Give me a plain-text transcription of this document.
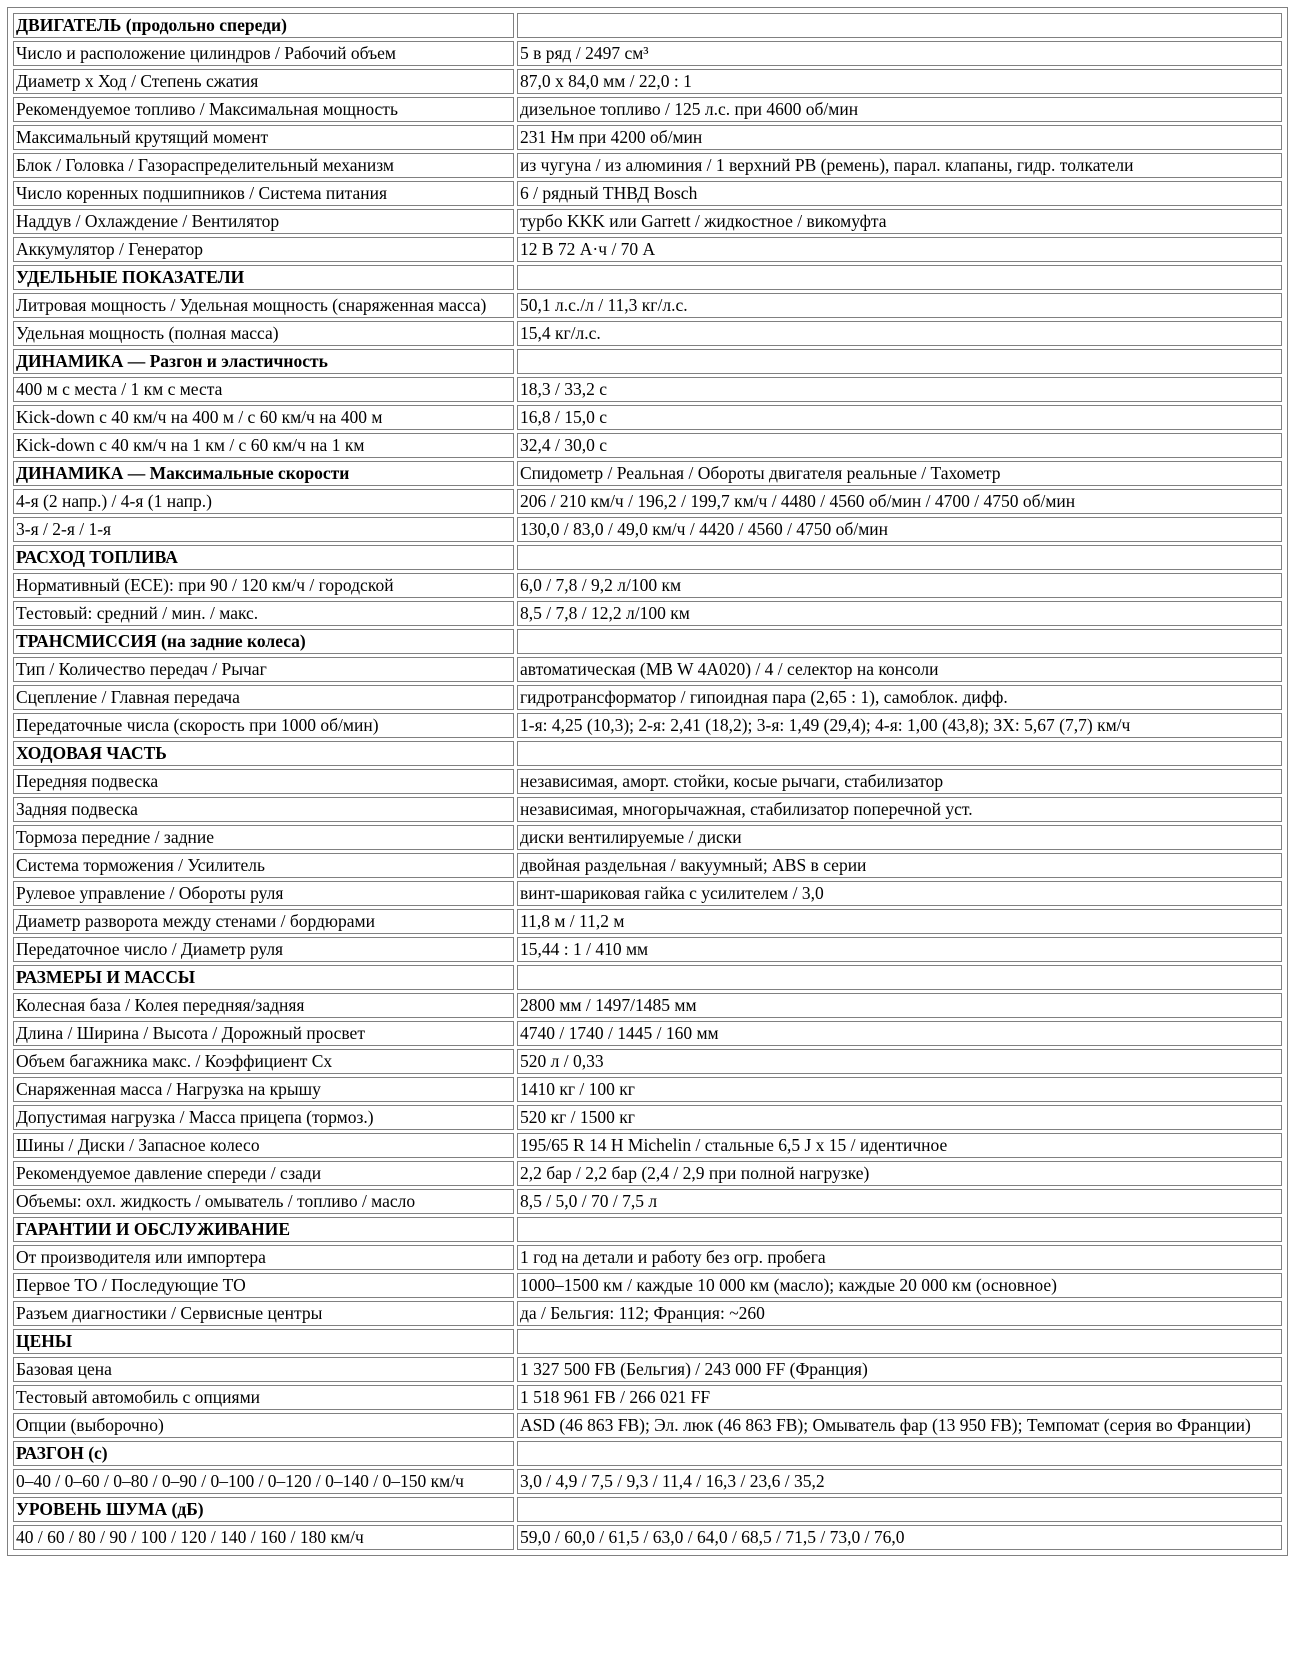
ДВИГАТЕЛЬ (продольно спереди)	
Число и расположение цилиндров / Рабочий объем	5 в ряд / 2497 см³
Диаметр х Ход / Степень сжатия	87,0 х 84,0 мм / 22,0 : 1
Рекомендуемое топливо / Максимальная мощность	дизельное топливо / 125 л.с. при 4600 об/мин
Максимальный крутящий момент	231 Нм при 4200 об/мин
Блок / Головка / Газораспределительный механизм	из чугуна / из алюминия / 1 верхний РВ (ремень), парал. клапаны, гидр. толкатели
Число коренных подшипников / Система питания	6 / рядный ТНВД Bosch
Наддув / Охлаждение / Вентилятор	турбо KKK или Garrett / жидкостное / викомуфта
Аккумулятор / Генератор	12 В 72 А·ч / 70 А
УДЕЛЬНЫЕ ПОКАЗАТЕЛИ	
Литровая мощность / Удельная мощность (снаряженная масса)	50,1 л.с./л / 11,3 кг/л.с.
Удельная мощность (полная масса)	15,4 кг/л.с.
ДИНАМИКА — Разгон и эластичность	
400 м с места / 1 км с места	18,3 / 33,2 с
Kick-down с 40 км/ч на 400 м / с 60 км/ч на 400 м	16,8 / 15,0 с
Kick-down с 40 км/ч на 1 км / с 60 км/ч на 1 км	32,4 / 30,0 с
ДИНАМИКА — Максимальные скорости	Спидометр / Реальная / Обороты двигателя реальные / Тахометр
4-я (2 напр.) / 4-я (1 напр.)	206 / 210 км/ч / 196,2 / 199,7 км/ч / 4480 / 4560 об/мин / 4700 / 4750 об/мин
3-я / 2-я / 1-я	130,0 / 83,0 / 49,0 км/ч / 4420 / 4560 / 4750 об/мин
РАСХОД ТОПЛИВА	
Нормативный (ECE): при 90 / 120 км/ч / городской	6,0 / 7,8 / 9,2 л/100 км
Тестовый: средний / мин. / макс.	8,5 / 7,8 / 12,2 л/100 км
ТРАНСМИССИЯ (на задние колеса)	
Тип / Количество передач / Рычаг	автоматическая (MB W 4A020) / 4 / селектор на консоли
Сцепление / Главная передача	гидротрансформатор / гипоидная пара (2,65 : 1), самоблок. дифф.
Передаточные числа (скорость при 1000 об/мин)	1-я: 4,25 (10,3); 2-я: 2,41 (18,2); 3-я: 1,49 (29,4); 4-я: 1,00 (43,8); ЗХ: 5,67 (7,7) км/ч
ХОДОВАЯ ЧАСТЬ	
Передняя подвеска	независимая, аморт. стойки, косые рычаги, стабилизатор
Задняя подвеска	независимая, многорычажная, стабилизатор поперечной уст.
Тормоза передние / задние	диски вентилируемые / диски
Система торможения / Усилитель	двойная раздельная / вакуумный; ABS в серии
Рулевое управление / Обороты руля	винт-шариковая гайка с усилителем / 3,0
Диаметр разворота между стенами / бордюрами	11,8 м / 11,2 м
Передаточное число / Диаметр руля	15,44 : 1 / 410 мм
РАЗМЕРЫ И МАССЫ	
Колесная база / Колея передняя/задняя	2800 мм / 1497/1485 мм
Длина / Ширина / Высота / Дорожный просвет	4740 / 1740 / 1445 / 160 мм
Объем багажника макс. / Коэффициент Cx	520 л / 0,33
Снаряженная масса / Нагрузка на крышу	1410 кг / 100 кг
Допустимая нагрузка / Масса прицепа (тормоз.)	520 кг / 1500 кг
Шины / Диски / Запасное колесо	195/65 R 14 H Michelin / стальные 6,5 J x 15 / идентичное
Рекомендуемое давление спереди / сзади	2,2 бар / 2,2 бар (2,4 / 2,9 при полной нагрузке)
Объемы: охл. жидкость / омыватель / топливо / масло	8,5 / 5,0 / 70 / 7,5 л
ГАРАНТИИ И ОБСЛУЖИВАНИЕ	
От производителя или импортера	1 год на детали и работу без огр. пробега
Первое ТО / Последующие ТО	1000–1500 км / каждые 10 000 км (масло); каждые 20 000 км (основное)
Разъем диагностики / Сервисные центры	да / Бельгия: 112; Франция: ~260
ЦЕНЫ	
Базовая цена	1 327 500 FB (Бельгия) / 243 000 FF (Франция)
Тестовый автомобиль с опциями	1 518 961 FB / 266 021 FF
Опции (выборочно)	ASD (46 863 FB); Эл. люк (46 863 FB); Омыватель фар (13 950 FB); Темпомат (серия во Франции)
РАЗГОН (с)	
0–40 / 0–60 / 0–80 / 0–90 / 0–100 / 0–120 / 0–140 / 0–150 км/ч	3,0 / 4,9 / 7,5 / 9,3 / 11,4 / 16,3 / 23,6 / 35,2
УРОВЕНЬ ШУМА (дБ)	
40 / 60 / 80 / 90 / 100 / 120 / 140 / 160 / 180 км/ч	59,0 / 60,0 / 61,5 / 63,0 / 64,0 / 68,5 / 71,5 / 73,0 / 76,0
